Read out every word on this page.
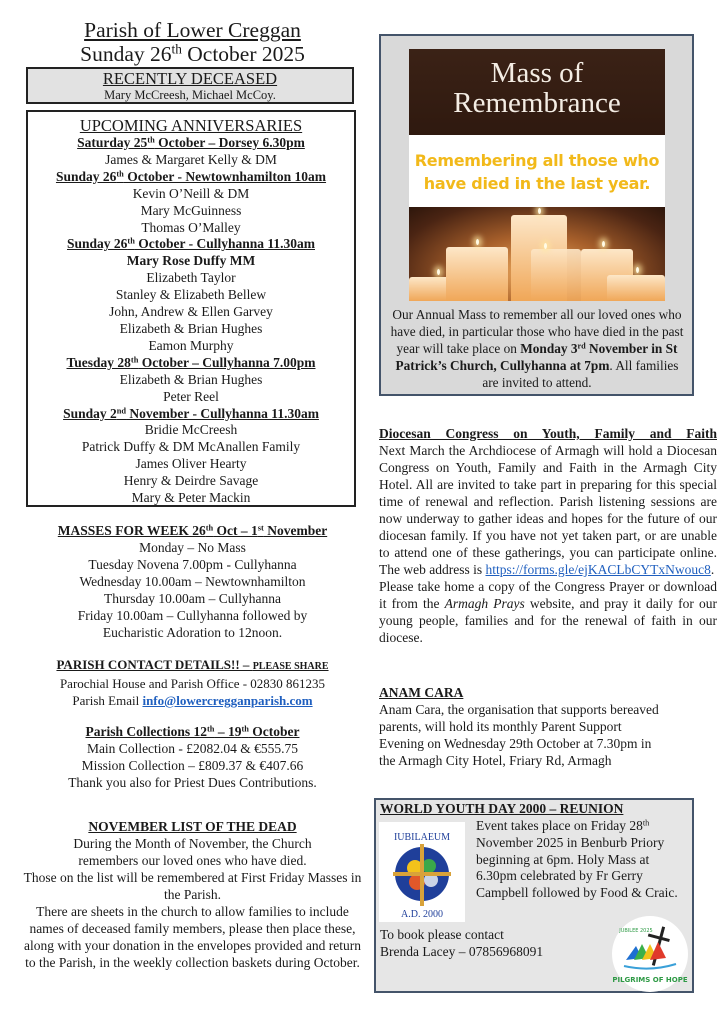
Parish of Lower Creggan
Sunday 26th October 2025
RECENTLY DECEASED
Mary McCreesh, Michael McCoy.
UPCOMING ANNIVERSARIES
Saturday 25th October – Dorsey 6.30pm
James & Margaret Kelly & DM
Sunday 26th October - Newtownhamilton 10am
Kevin O’Neill & DM
Mary McGuinness
Thomas O’Malley
Sunday 26th October - Cullyhanna 11.30am
Mary Rose Duffy MM
Elizabeth Taylor
Stanley & Elizabeth Bellew
John, Andrew & Ellen Garvey
Elizabeth & Brian Hughes
Eamon Murphy
Tuesday 28th October – Cullyhanna 7.00pm
Elizabeth & Brian Hughes
Peter Reel
Sunday 2nd November - Cullyhanna 11.30am
Bridie McCreesh
Patrick Duffy & DM McAnallen Family
James Oliver Hearty
Henry & Deirdre Savage
Mary & Peter Mackin
MASSES FOR WEEK 26th Oct – 1st November
Monday – No Mass
Tuesday Novena 7.00pm - Cullyhanna
Wednesday 10.00am – Newtownhamilton
Thursday 10.00am – Cullyhanna
Friday 10.00am – Cullyhanna followed by
Eucharistic Adoration to 12noon.
PARISH CONTACT DETAILS!! – PLEASE SHARE
Parochial House and Parish Office - 02830 861235
Parish Email info@lowercregganparish.com
Parish Collections 12th – 19th October
Main Collection - £2082.04 & €555.75
Mission Collection – £809.37 & €407.66
Thank you also for Priest Dues Contributions.
NOVEMBER LIST OF THE DEAD
During the Month of November, the Church remembers our loved ones who have died.
Those on the list will be remembered at First Friday Masses in the Parish.
There are sheets in the church to allow families to include names of deceased family members, please then place these, along with your donation in the envelopes provided and return to the Parish, in the weekly collection baskets during October.
Mass of
Remembrance
Remembering all those who have died in the last year.
Our Annual Mass to remember all our loved ones who have died, in particular those who have died in the past year will take place on Monday 3rd November in St Patrick’s Church, Cullyhanna at 7pm. All families are invited to attend.
Diocesan Congress on Youth, Family and Faith

Next March the Archdiocese of Armagh will hold a Diocesan Congress on Youth, Family and Faith in the Armagh City Hotel. All are invited to take part in preparing for this special time of renewal and reflection. Parish listening sessions are now underway to gather ideas and hopes for the future of our diocesan family. If you have not yet taken part, or are unable to attend one of these gatherings, you can participate online. The web address is https://forms.gle/ejKACLbCYTxNwouc8.

Please take home a copy of the Congress Prayer or download it from the Armagh Prays website, and pray it daily for our young people, families and for the renewal of faith in our diocese.

ANAM CARA
Anam Cara, the organisation that supports bereaved parents, will hold its monthly Parent Support Evening on Wednesday 29th October at 7.30pm in the Armagh City Hotel, Friary Rd, Armagh
WORLD YOUTH DAY 2000 – REUNION
IUBILAEUM
A.D. 2000
Event takes place on Friday 28th November 2025 in Benburb Priory beginning at 6pm. Holy Mass at 6.30pm celebrated by Fr Gerry Campbell followed by Food & Craic.
To book please contact
Brenda Lacey – 07856968091
PILGRIMS OF HOPE
JUBILEE 2025
